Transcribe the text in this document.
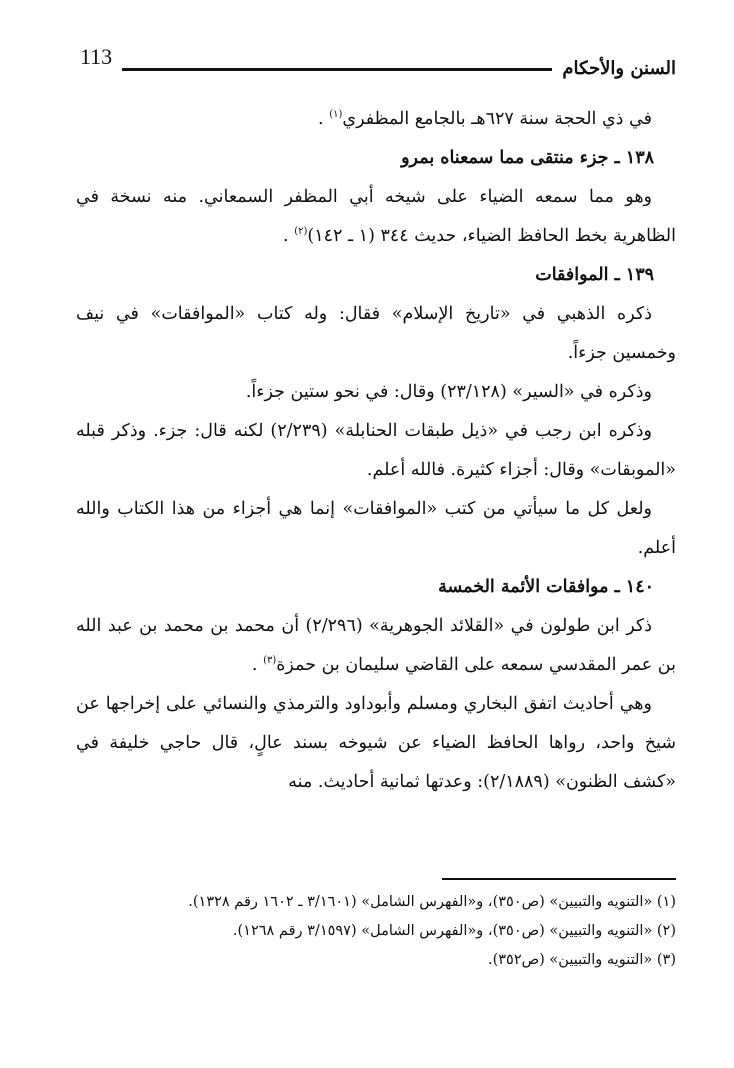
113	السنن والأحكام

في ذي الحجة سنة ٦٢٧هـ بالجامع المظفري$^{(١)}$ .

١٣٨ ـ جزء منتقى مما سمعناه بمرو

وهو مما سمعه الضياء على شيخه أبي المظفر السمعاني. منه نسخة في الظاهرية بخط الحافظ الضياء، حديث ٣٤٤ (١ ـ ١٤٢)$^{(٢)}$ .

١٣٩ ـ الموافقات

ذكره الذهبي في «تاريخ الإسلام» فقال: وله كتاب «الموافقات» في نيف وخمسين جزءاً.

وذكره في «السير» (٢٣/١٢٨) وقال: في نحو ستين جزءاً.

وذكره ابن رجب في «ذيل طبقات الحنابلة» (٢/٢٣٩) لكنه قال: جزء. وذكر قبله «الموبقات» وقال: أجزاء كثيرة. فالله أعلم.

ولعل كل ما سيأتي من كتب «الموافقات» إنما هي أجزاء من هذا الكتاب والله أعلم.

١٤٠ ـ موافقات الأئمة الخمسة

ذكر ابن طولون في «القلائد الجوهرية» (٢/٢٩٦) أن محمد بن محمد بن عبد الله بن عمر المقدسي سمعه على القاضي سليمان بن حمزة$^{(٣)}$ .

وهي أحاديث اتفق البخاري ومسلم وأبوداود والترمذي والنسائي على إخراجها عن شيخ واحد، رواها الحافظ الضياء عن شيوخه بسند عالٍ، قال حاجي خليفة في «كشف الظنون» (٢/١٨٨٩): وعدتها ثمانية أحاديث. منه

(١) «التنويه والتبيين» (ص٣٥٠)، و«الفهرس الشامل» (٣/١٦٠١ ـ ١٦٠٢ رقم ١٣٢٨).

(٢) «التنويه والتبيين» (ص٣٥٠)، و«الفهرس الشامل» (٣/١٥٩٧ رقم ١٢٦٨).

(٣) «التنويه والتبيين» (ص٣٥٢).
